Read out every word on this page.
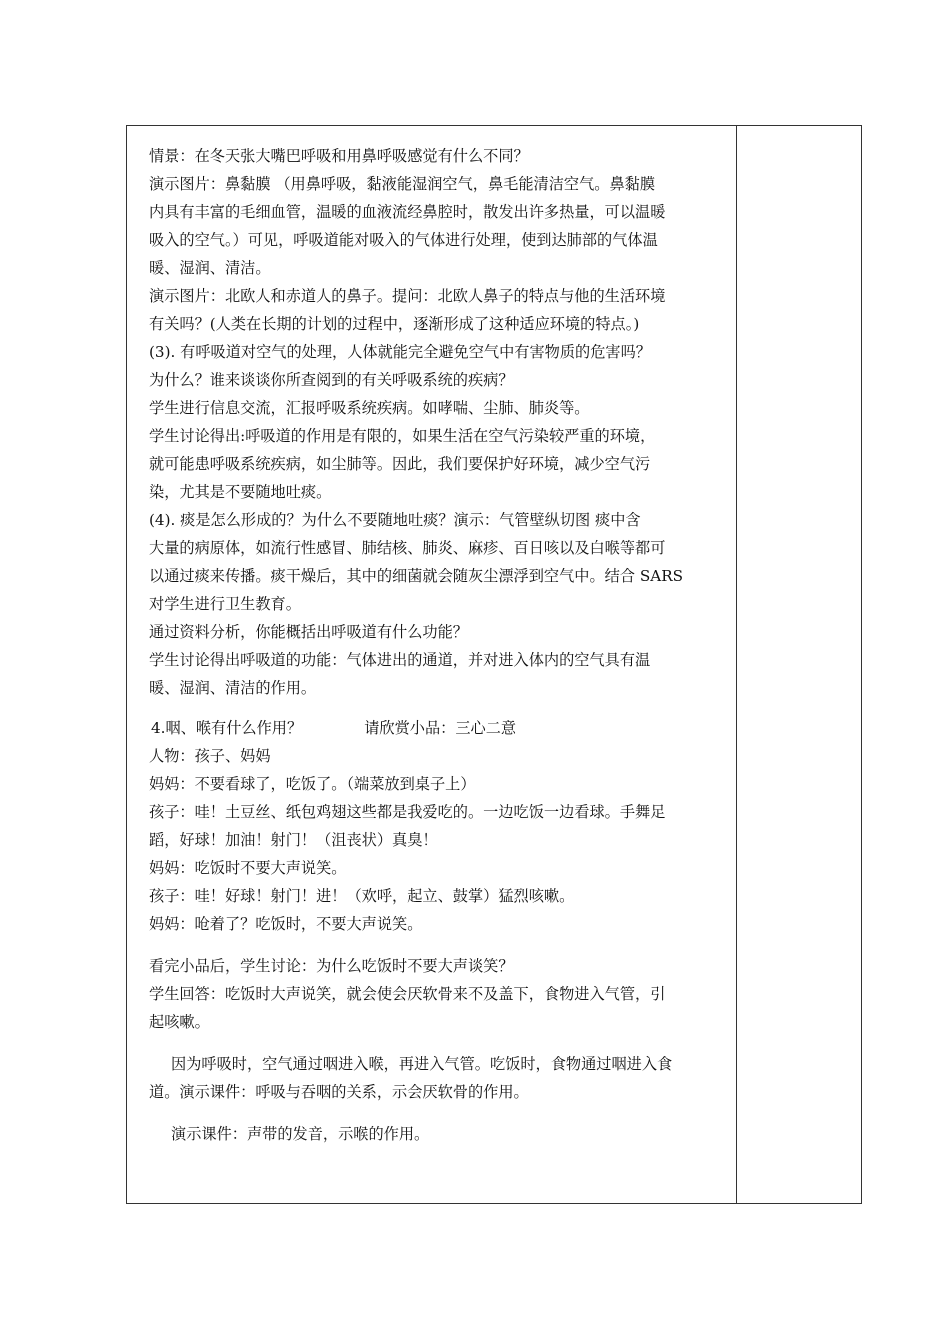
情景：在冬天张大嘴巴呼吸和用鼻呼吸感觉有什么不同？
演示图片：鼻黏膜 （用鼻呼吸，黏液能湿润空气，鼻毛能清洁空气。鼻黏膜
内具有丰富的毛细血管，温暖的血液流经鼻腔时，散发出许多热量，可以温暖
吸入的空气。）可见，呼吸道能对吸入的气体进行处理，使到达肺部的气体温
暖、湿润、清洁。
演示图片：北欧人和赤道人的鼻子。提问：北欧人鼻子的特点与他的生活环境
有关吗？(人类在长期的计划的过程中，逐渐形成了这种适应环境的特点。)
(3). 有呼吸道对空气的处理，人体就能完全避免空气中有害物质的危害吗？
为什么？谁来谈谈你所查阅到的有关呼吸系统的疾病？
学生进行信息交流，汇报呼吸系统疾病。如哮喘、尘肺、肺炎等。
学生讨论得出:呼吸道的作用是有限的，如果生活在空气污染较严重的环境，
就可能患呼吸系统疾病，如尘肺等。因此，我们要保护好环境，减少空气污
染，尤其是不要随地吐痰。
(4). 痰是怎么形成的？为什么不要随地吐痰？演示：气管壁纵切图 痰中含
大量的病原体，如流行性感冒、肺结核、肺炎、麻疹、百日咳以及白喉等都可
以通过痰来传播。痰干燥后，其中的细菌就会随灰尘漂浮到空气中。结合 SARS
对学生进行卫生教育。
通过资料分析，你能概括出呼吸道有什么功能？
学生讨论得出呼吸道的功能：气体进出的通道，并对进入体内的空气具有温
暖、湿润、清洁的作用。
4.咽、喉有什么作用？	请欣赏小品：三心二意
人物：孩子、妈妈
妈妈：不要看球了，吃饭了。（端菜放到桌子上）
孩子：哇！土豆丝、纸包鸡翅这些都是我爱吃的。一边吃饭一边看球。手舞足
蹈，好球！加油！射门！（沮丧状）真臭！
妈妈：吃饭时不要大声说笑。
孩子：哇！好球！射门！进！（欢呼，起立、鼓掌）猛烈咳嗽。
妈妈：呛着了？吃饭时，不要大声说笑。
看完小品后，学生讨论：为什么吃饭时不要大声谈笑？
学生回答：吃饭时大声说笑，就会使会厌软骨来不及盖下，食物进入气管，引
起咳嗽。
因为呼吸时，空气通过咽进入喉，再进入气管。吃饭时，食物通过咽进入食
道。演示课件：呼吸与吞咽的关系，示会厌软骨的作用。
演示课件：声带的发音，示喉的作用。
